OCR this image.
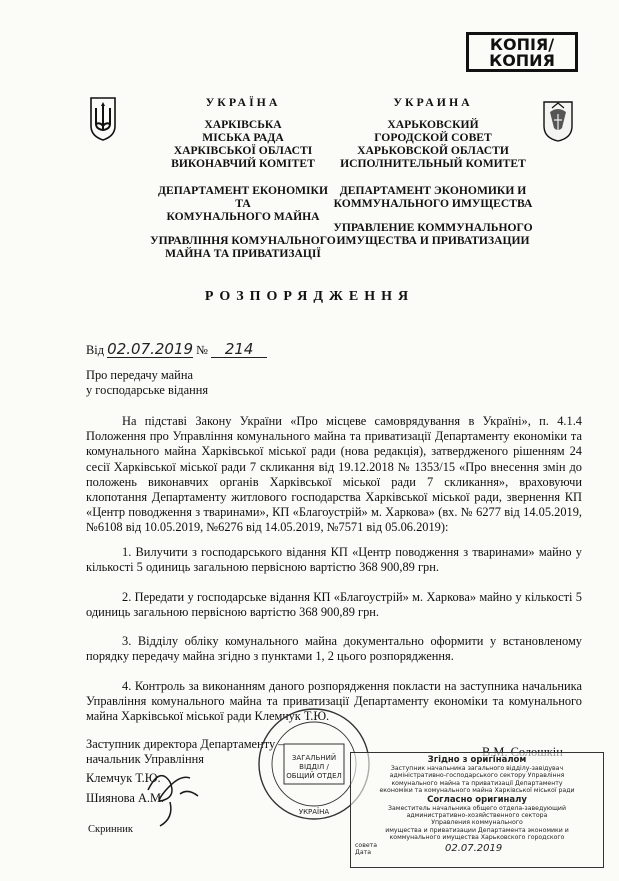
КОПІЯ/
КОПИЯ
УКРАЇНА
ХАРКІВСЬКА
МІСЬКА РАДА
ХАРКІВСЬКОЇ ОБЛАСТІ
ВИКОНАВЧИЙ КОМІТЕТ
ДЕПАРТАМЕНТ ЕКОНОМІКИ ТА
КОМУНАЛЬНОГО МАЙНА
УПРАВЛІННЯ КОМУНАЛЬНОГО
МАЙНА ТА ПРИВАТИЗАЦІЇ
УКРАИНА
ХАРЬКОВСКИЙ
ГОРОДСКОЙ СОВЕТ
ХАРЬКОВСКОЙ ОБЛАСТИ
ИСПОЛНИТЕЛЬНЫЙ КОМИТЕТ
ДЕПАРТАМЕНТ ЭКОНОМИКИ И
КОММУНАЛЬНОГО ИМУЩЕСТВА
УПРАВЛЕНИЕ КОММУНАЛЬНОГО
ИМУЩЕСТВА И ПРИВАТИЗАЦИИ
РОЗПОРЯДЖЕННЯ
Від 02.07.2019 № 214
Про передачу майна
у господарське відання
На підставі Закону України «Про місцеве самоврядування в Україні», п. 4.1.4 Положення про Управління комунального майна та приватизації Департаменту економіки та комунального майна Харківської міської ради (нова редакція), затвердженого рішенням 24 сесії Харківської міської ради 7 скликання від 19.12.2018 № 1353/15 «Про внесення змін до положень виконавчих органів Харківської міської ради 7 скликання», враховуючи клопотання Департаменту житлового господарства Харківської міської ради, звернення КП «Центр поводження з тваринами», КП «Благоустрій» м. Харкова» (вх. № 6277 від 14.05.2019, №6108 від 10.05.2019, №6276 від 14.05.2019, №7571 від 05.06.2019):
1. Вилучити з господарського відання КП «Центр поводження з тваринами» майно у кількості 5 одиниць загальною первісною вартістю 368 900,89 грн.
2. Передати у господарське відання КП «Благоустрій» м. Харкова» майно у кількості 5 одиниць загальною первісною вартістю 368 900,89 грн.
3. Відділу обліку комунального майна документально оформити у встановленому порядку передачу майна згідно з пунктами 1, 2 цього розпорядження.
4. Контроль за виконанням даного розпорядження покласти на заступника начальника Управління комунального майна та приватизації Департаменту економіки та комунального майна Харківської міської ради Клемчук Т.Ю.
Заступник директора Департаменту –
начальник Управління
Клемчук Т.Ю.
Шиянова А.М.
Скринник
ЗАГАЛЬНИЙ
ВІДДІЛ /
ОБЩИЙ ОТДЕЛ
УКРАЇНА
Згідно з оригіналом
Заступник начальника загального відділу-завідувач
адміністративно-господарського сектору Управління
комунального майна та приватизації Департаменту
економіки та комунального майна Харківської міської ради
Согласно оригиналу
Заместитель начальника общего отдела-заведующий
административно-хозяйственного сектора
Управления коммунального
имущества и приватизации Департамента экономики и
коммунального имущества Харьковского городского
совета
Дата	02.07.2019
